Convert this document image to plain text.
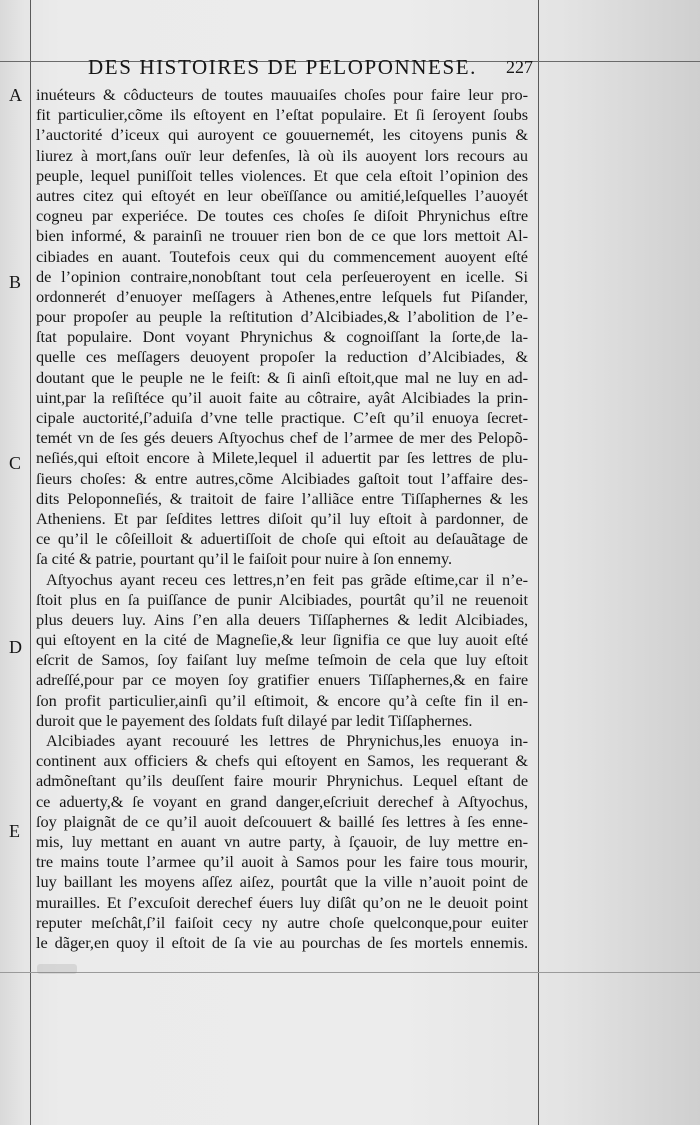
DES HISTOIRES DE PELOPONNESE. 227
A
B
C
D
E
inuéteurs & côducteurs de toutes mauuaiſes choſes pour faire leur pro-
fit particulier,cõme ils eſtoyent en l’eſtat populaire. Et ſi ſeroyent ſoubs
l’auctorité d’iceux qui auroyent ce gouuernemét, les citoyens punis &
liurez à mort,ſans ouïr leur defenſes, là où ils auoyent lors recours au
peuple, lequel puniſſoit telles violences. Et que cela eſtoit l’opinion des
autres citez qui eſtoyét en leur obeïſſance ou amitié,leſquelles l’auoyét
cogneu par experiéce. De toutes ces choſes ſe diſoit Phrynichus eſtre
bien informé, & parainſi ne trouuer rien bon de ce que lors mettoit Al-
cibiades en auant. Toutefois ceux qui du commencement auoyent eſté
de l’opinion contraire,nonobſtant tout cela perſeueroyent en icelle. Si
ordonnerét d’enuoyer meſſagers à Athenes,entre leſquels fut Piſander,
pour propoſer au peuple la reſtitution d’Alcibiades,& l’abolition de l’e-
ſtat populaire. Dont voyant Phrynichus & cognoiſſant la ſorte,de la-
quelle ces meſſagers deuoyent propoſer la reduction d’Alcibiades, &
doutant que le peuple ne le feiſt: & ſi ainſi eſtoit,que mal ne luy en ad-
uint,par la reſiſtéce qu’il auoit faite au côtraire, ayât Alcibiades la prin-
cipale auctorité,ſ’aduiſa d’vne telle practique. C’eſt qu’il enuoya ſecret-
temét vn de ſes gés deuers Aſtyochus chef de l’armee de mer des Pelopõ-
neſiés,qui eſtoit encore à Milete,lequel il aduertit par ſes lettres de plu-
ſieurs choſes: & entre autres,cõme Alcibiades gaſtoit tout l’affaire des-
dits Peloponneſiés, & traitoit de faire l’alliãce entre Tiſſaphernes & les
Atheniens. Et par ſeſdites lettres diſoit qu’il luy eſtoit à pardonner, de
ce qu’il le côſeilloit & aduertiſſoit de choſe qui eſtoit au deſauãtage de
ſa cité & patrie, pourtant qu’il le faiſoit pour nuire à ſon ennemy.
Aſtyochus ayant receu ces lettres,n’en feit pas grãde eſtime,car il n’e-
ſtoit plus en ſa puiſſance de punir Alcibiades, pourtât qu’il ne reuenoit
plus deuers luy. Ains ſ’en alla deuers Tiſſaphernes & ledit Alcibiades,
qui eſtoyent en la cité de Magneſie,& leur ſignifia ce que luy auoit eſté
eſcrit de Samos, ſoy faiſant luy meſme teſmoin de cela que luy eſtoit
adreſſé,pour par ce moyen ſoy gratifier enuers Tiſſaphernes,& en faire
ſon profit particulier,ainſi qu’il eſtimoit, & encore qu’à ceſte fin il en-
duroit que le payement des ſoldats fuſt dilayé par ledit Tiſſaphernes.
Alcibiades ayant recouuré les lettres de Phrynichus,les enuoya in-
continent aux officiers & chefs qui eſtoyent en Samos, les requerant &
admõneſtant qu’ils deuſſent faire mourir Phrynichus. Lequel eſtant de
ce aduerty,& ſe voyant en grand danger,eſcriuit derechef à Aſtyochus,
ſoy plaignãt de ce qu’il auoit deſcouuert & baillé ſes lettres à ſes enne-
mis, luy mettant en auant vn autre party, à ſçauoir, de luy mettre en-
tre mains toute l’armee qu’il auoit à Samos pour les faire tous mourir,
luy baillant les moyens aſſez aiſez, pourtât que la ville n’auoit point de
murailles. Et ſ’excuſoit derechef éuers luy diſât qu’on ne le deuoit point
reputer meſchât,ſ’il faiſoit cecy ny autre choſe quelconque,pour euiter
le dãger,en quoy il eſtoit de ſa vie au pourchas de ſes mortels ennemis.
